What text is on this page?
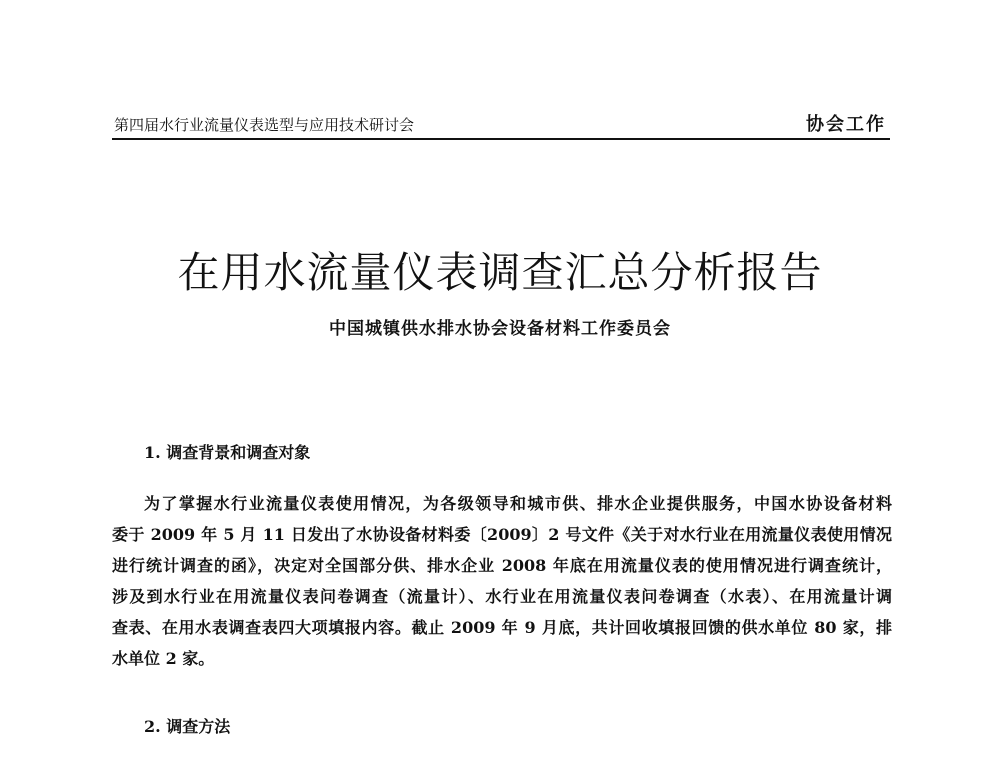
第四届水行业流量仪表选型与应用技术研讨会	协会工作
在用水流量仪表调查汇总分析报告
中国城镇供水排水协会设备材料工作委员会
1. 调查背景和调查对象

为了掌握水行业流量仪表使用情况，为各级领导和城市供、排水企业提供服务，中国水协设备材料
委于 2009 年 5 月 11 日发出了水协设备材料委〔2009〕2 号文件《关于对水行业在用流量仪表使用情况
进行统计调查的函》，决定对全国部分供、排水企业 2008 年底在用流量仪表的使用情况进行调查统计，
涉及到水行业在用流量仪表问卷调查（流量计）、水行业在用流量仪表问卷调查（水表）、在用流量计调
查表、在用水表调查表四大项填报内容。截止 2009 年 9 月底，共计回收填报回馈的供水单位 80 家，排
水单位 2 家。

2. 调查方法
